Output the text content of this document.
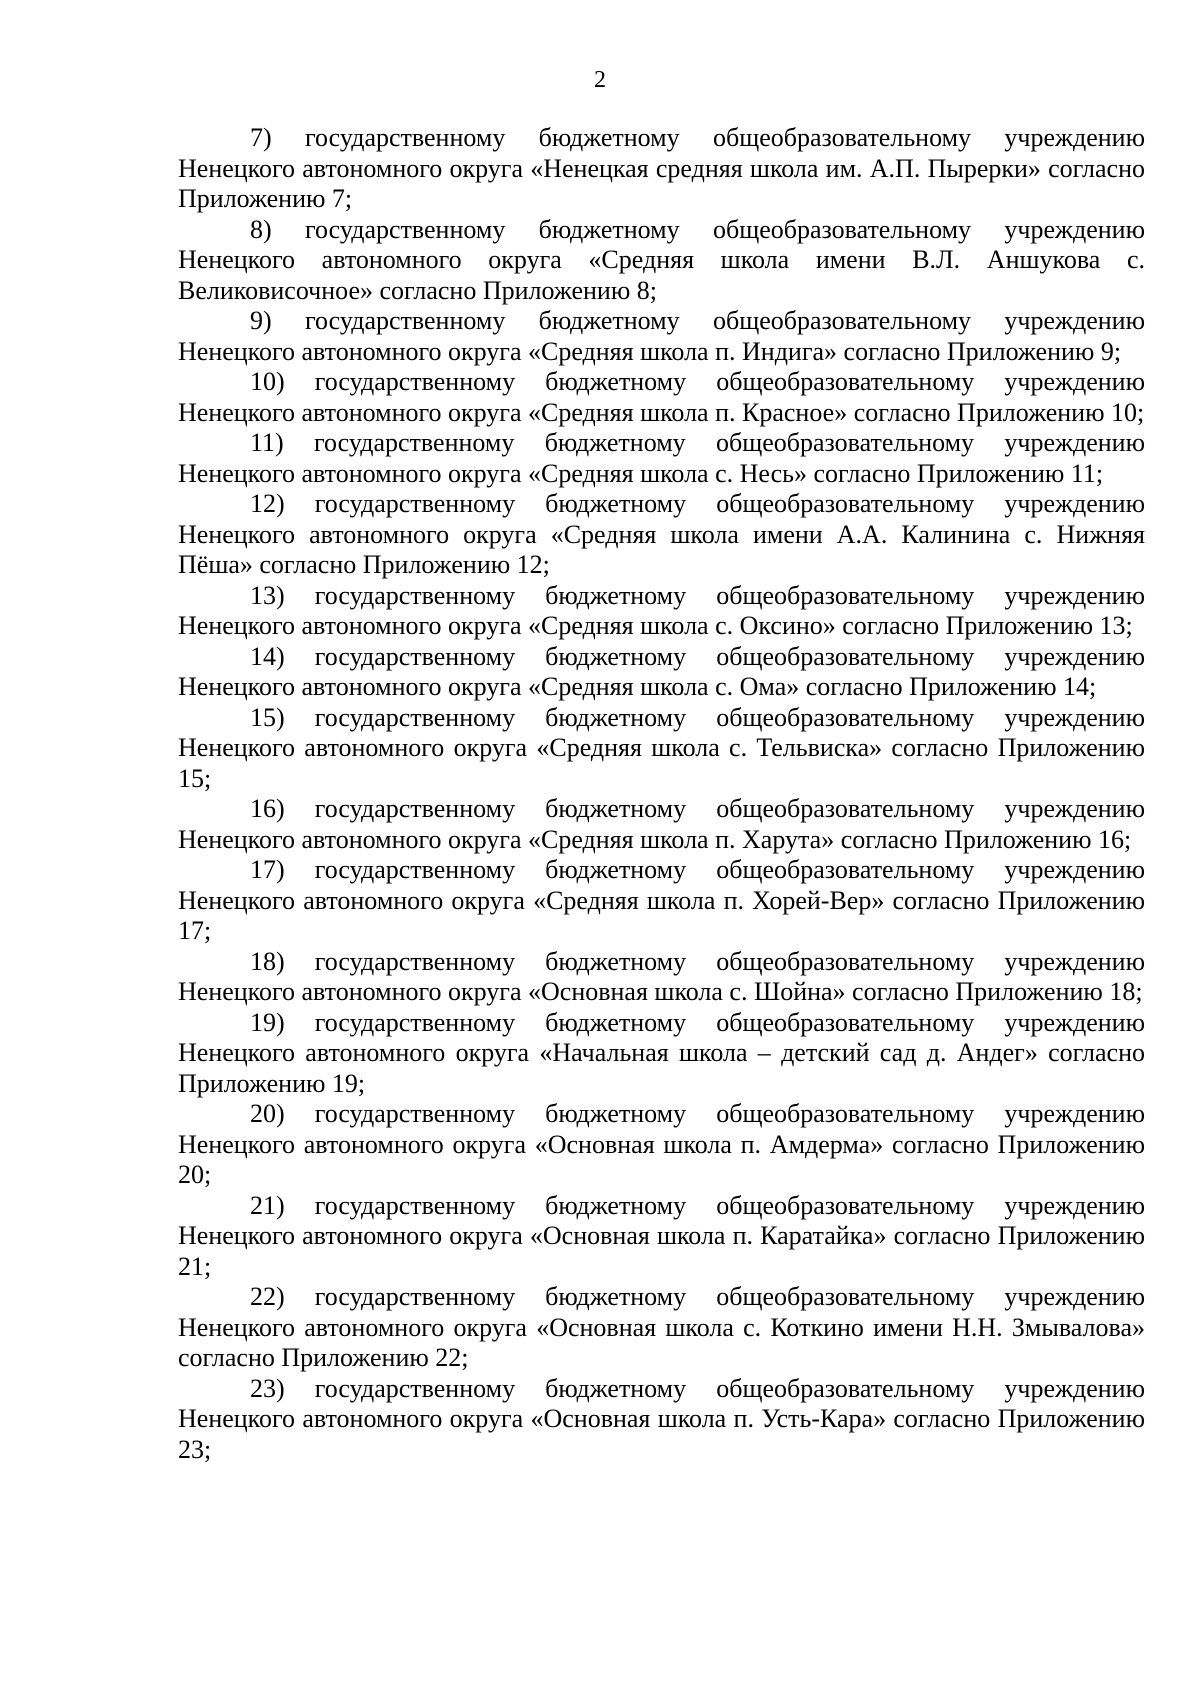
2

7) государственному бюджетному общеобразовательному учреждению Ненецкого автономного округа «Ненецкая средняя школа им. А.П. Пырерки» согласно Приложению 7;

8) государственному бюджетному общеобразовательному учреждению Ненецкого автономного округа «Средняя школа имени В.Л. Аншукова с. Великовисочное» согласно Приложению 8;

9) государственному бюджетному общеобразовательному учреждению Ненецкого автономного округа «Средняя школа п. Индига» согласно Приложению 9;

10) государственному бюджетному общеобразовательному учреждению Ненецкого автономного округа «Средняя школа п. Красное» согласно Приложению 10;

11) государственному бюджетному общеобразовательному учреждению Ненецкого автономного округа «Средняя школа с. Несь» согласно Приложению 11;

12) государственному бюджетному общеобразовательному учреждению Ненецкого автономного округа «Средняя школа имени А.А. Калинина с. Нижняя Пёша» согласно Приложению 12;

13) государственному бюджетному общеобразовательному учреждению Ненецкого автономного округа «Средняя школа с. Оксино» согласно Приложению 13;

14) государственному бюджетному общеобразовательному учреждению Ненецкого автономного округа «Средняя школа с. Ома» согласно Приложению 14;

15) государственному бюджетному общеобразовательному учреждению Ненецкого автономного округа «Средняя школа с. Тельвиска» согласно Приложению 15;

16) государственному бюджетному общеобразовательному учреждению Ненецкого автономного округа «Средняя школа п. Харута» согласно Приложению 16;

17) государственному бюджетному общеобразовательному учреждению Ненецкого автономного округа «Средняя школа п. Хорей-Вер» согласно Приложению 17;

18) государственному бюджетному общеобразовательному учреждению Ненецкого автономного округа «Основная школа с. Шойна» согласно Приложению 18;

19) государственному бюджетному общеобразовательному учреждению Ненецкого автономного округа «Начальная школа – детский сад д. Андег» согласно Приложению 19;

20) государственному бюджетному общеобразовательному учреждению Ненецкого автономного округа «Основная школа п. Амдерма» согласно Приложению 20;

21) государственному бюджетному общеобразовательному учреждению Ненецкого автономного округа «Основная школа п. Каратайка» согласно Приложению 21;

22) государственному бюджетному общеобразовательному учреждению Ненецкого автономного округа «Основная школа с. Коткино имени Н.Н. Змывалова» согласно Приложению 22;

23) государственному бюджетному общеобразовательному учреждению Ненецкого автономного округа «Основная школа п. Усть-Кара» согласно Приложению 23;
